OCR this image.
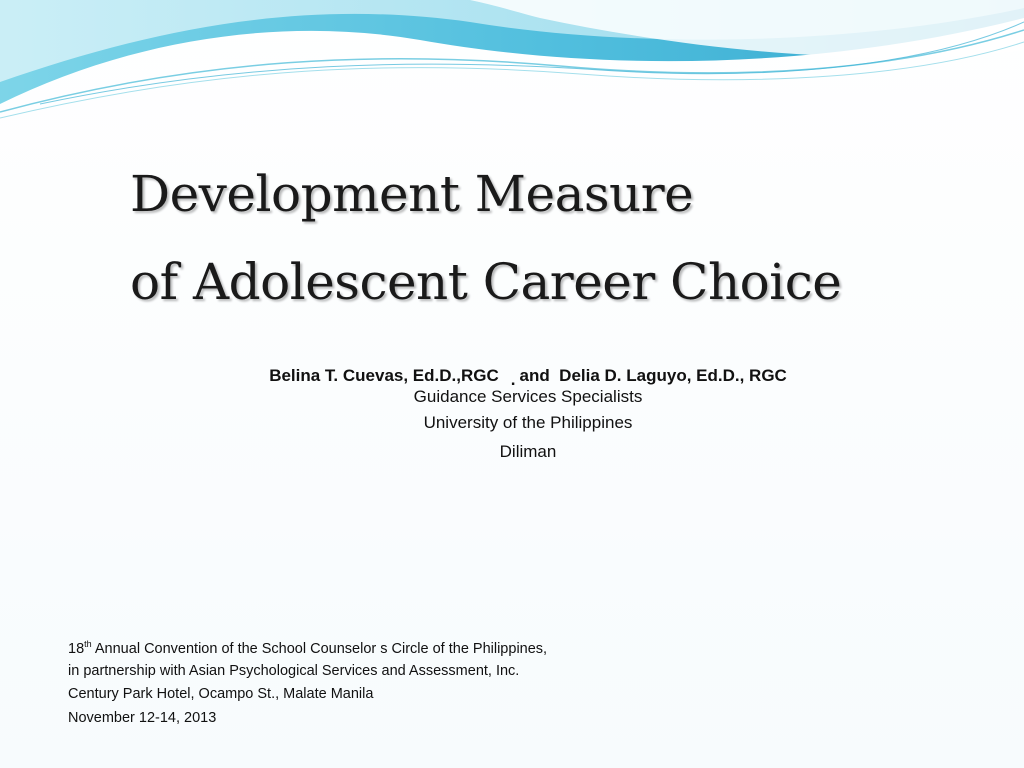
Development Measure
of Adolescent Career Choice
Belina T. Cuevas, Ed.D.,RGC . and Delia D. Laguyo, Ed.D., RGC
Guidance Services Specialists
University of the Philippines
Diliman
18th Annual Convention of the School Counselor s Circle of the Philippines,
in partnership with Asian Psychological Services and Assessment, Inc.
Century Park Hotel, Ocampo St., Malate Manila
November 12-14, 2013
